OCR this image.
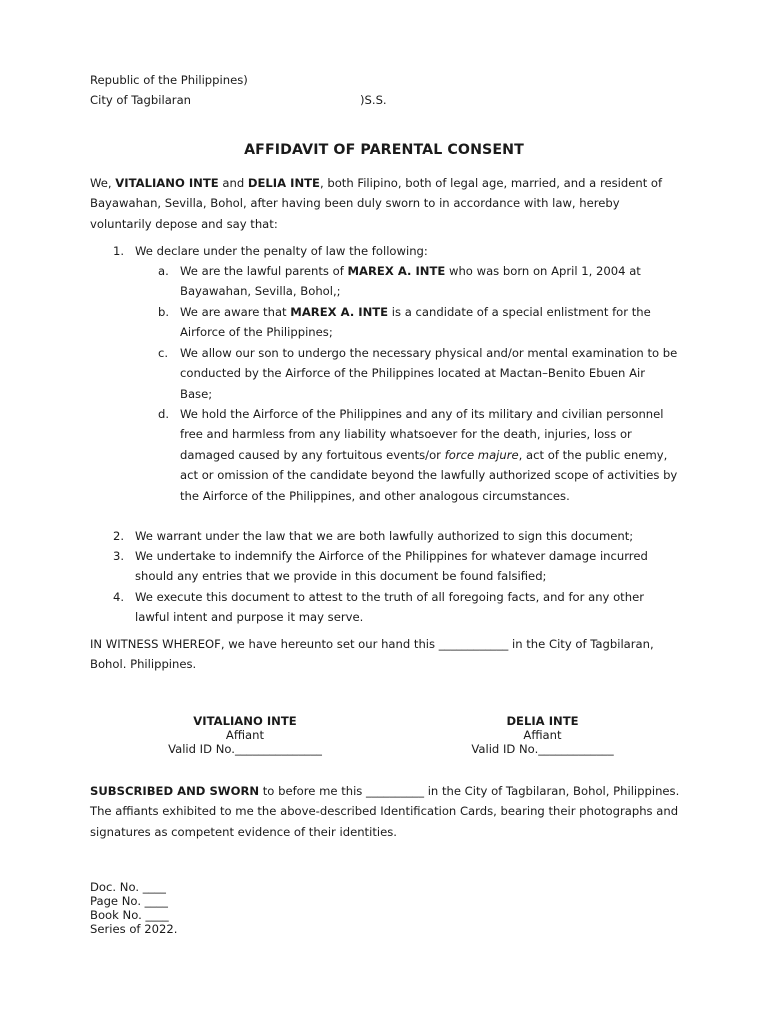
Republic of the Philippines)
City of Tagbilaran	)S.S.
AFFIDAVIT OF PARENTAL CONSENT
We, VITALIANO INTE and DELIA INTE, both Filipino, both of legal age, married, and a resident of Bayawahan, Sevilla, Bohol, after having been duly sworn to in accordance with law, hereby voluntarily depose and say that:
1. We declare under the penalty of law the following:
a. We are the lawful parents of MAREX A. INTE who was born on April 1, 2004 at Bayawahan, Sevilla, Bohol,;
b. We are aware that MAREX A. INTE is a candidate of a special enlistment for the Airforce of the Philippines;
c. We allow our son to undergo the necessary physical and/or mental examination to be conducted by the Airforce of the Philippines located at Mactan–Benito Ebuen Air Base;
d. We hold the Airforce of the Philippines and any of its military and civilian personnel free and harmless from any liability whatsoever for the death, injuries, loss or damaged caused by any fortuitous events/or force majure, act of the public enemy, act or omission of the candidate beyond the lawfully authorized scope of activities by the Airforce of the Philippines, and other analogous circumstances.
2. We warrant under the law that we are both lawfully authorized to sign this document;
3. We undertake to indemnify the Airforce of the Philippines for whatever damage incurred should any entries that we provide in this document be found falsified;
4. We execute this document to attest to the truth of all foregoing facts, and for any other lawful intent and purpose it may serve.
IN WITNESS WHEREOF, we have hereunto set our hand this ____________ in the City of Tagbilaran, Bohol. Philippines.
VITALIANO INTE
Affiant
Valid ID No._______________
DELIA INTE
Affiant
Valid ID No._____________
SUBSCRIBED AND SWORN to before me this __________ in the City of Tagbilaran, Bohol, Philippines. The affiants exhibited to me the above-described Identification Cards, bearing their photographs and signatures as competent evidence of their identities.
Doc. No. ____
Page No. ____
Book No. ____
Series of 2022.
